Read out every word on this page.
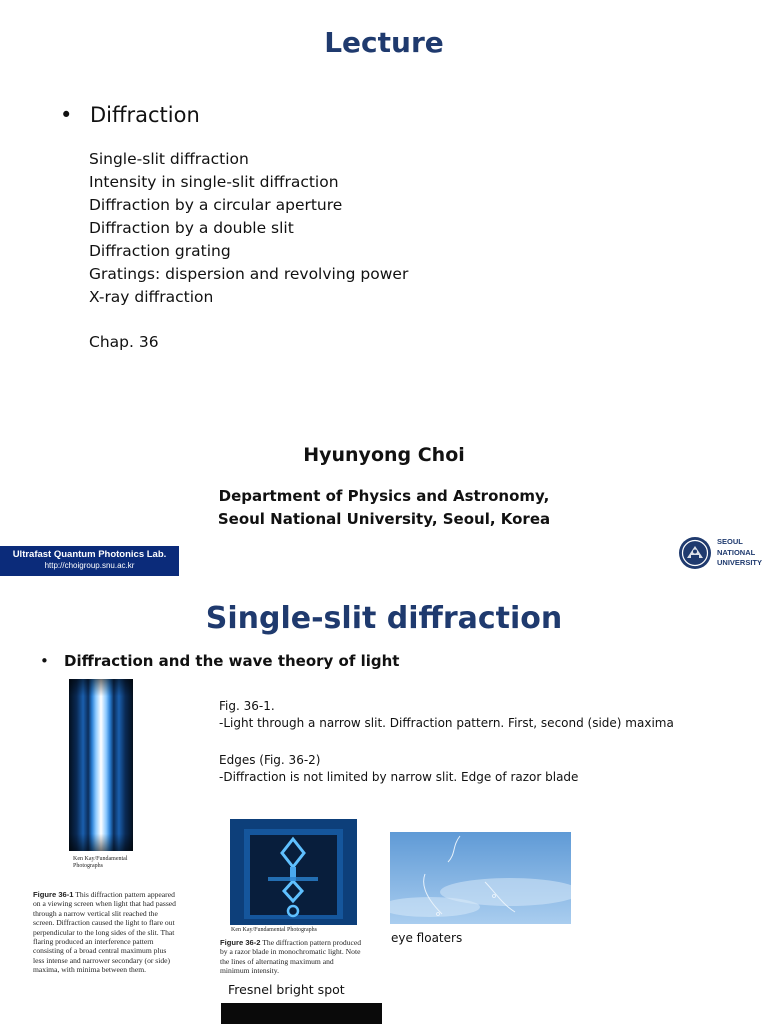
Lecture
• Diffraction
Single-slit diffraction
Intensity in single-slit diffraction
Diffraction by a circular aperture
Diffraction by a double slit
Diffraction grating
Gratings: dispersion and revolving power
X-ray diffraction
Chap. 36
Hyunyong Choi
Department of Physics and Astronomy,
Seoul National University, Seoul, Korea
Ultrafast Quantum Photonics Lab.
http://choigroup.snu.ac.kr
SEOUL
NATIONAL
UNIVERSITY
Single-slit diffraction
• Diffraction and the wave theory of light
Ken Kay/Fundamental Photographs
Figure 36-1 This diffraction pattern appeared on a viewing screen when light that had passed through a narrow vertical slit reached the screen. Diffraction caused the light to flare out perpendicular to the long sides of the slit. That flaring produced an interference pattern consisting of a broad central maximum plus less intense and narrower secondary (or side) maxima, with minima between them.
Fig. 36-1.
-Light through a narrow slit. Diffraction pattern. First, second (side) maxima
Edges (Fig. 36-2)
-Diffraction is not limited by narrow slit. Edge of razor blade
Ken Kay/Fundamental Photographs
Figure 36-2 The diffraction pattern produced by a razor blade in monochromatic light. Note the lines of alternating maximum and minimum intensity.
eye floaters
Fresnel bright spot
